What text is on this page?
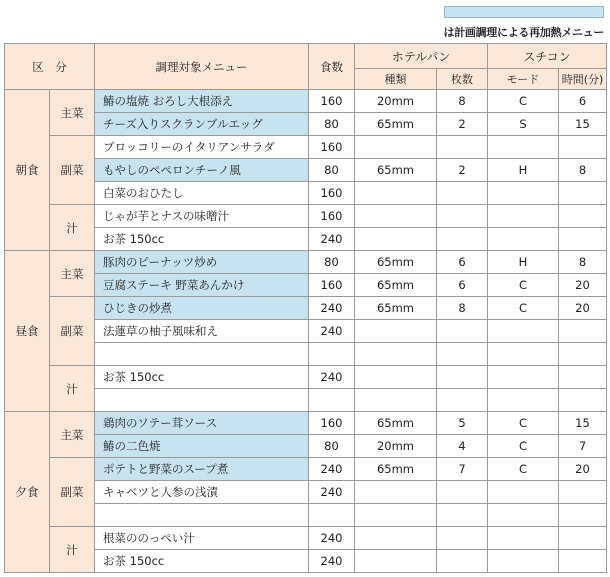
は計画調理による再加熱メニュー
区　分		調理対象メニュー	食数	ホテルパン		スチコン	
				種類	枚数	モード	時間(分)
朝食	主菜	鰆の塩焼 おろし大根添え	160	20mm	8	C	6
		チーズ入りスクランブルエッグ	80	65mm	2	S	15
	副菜	ブロッコリーのイタリアンサラダ	160				
		もやしのペペロンチーノ風	80	65mm	2	H	8
		白菜のおひたし	160				
	汁	じゃが芋とナスの味噌汁	160				
		お茶 150cc	240				
昼食	主菜	豚肉のピーナッツ炒め	80	65mm	6	H	8
		豆腐ステーキ 野菜あんかけ	160	65mm	6	C	20
	副菜	ひじきの炒煮	240	65mm	8	C	20
		法蓮草の柚子風味和え	240				

	汁	お茶 150cc	240				

夕食	主菜	鶏肉のソテー茸ソース	160	65mm	5	C	15
		鰆の二色焼	80	20mm	4	C	7
	副菜	ポテトと野菜のスープ煮	240	65mm	7	C	20
		キャベツと人参の浅漬	240				

	汁	根菜ののっぺい汁	240				
		お茶 150cc	240				
